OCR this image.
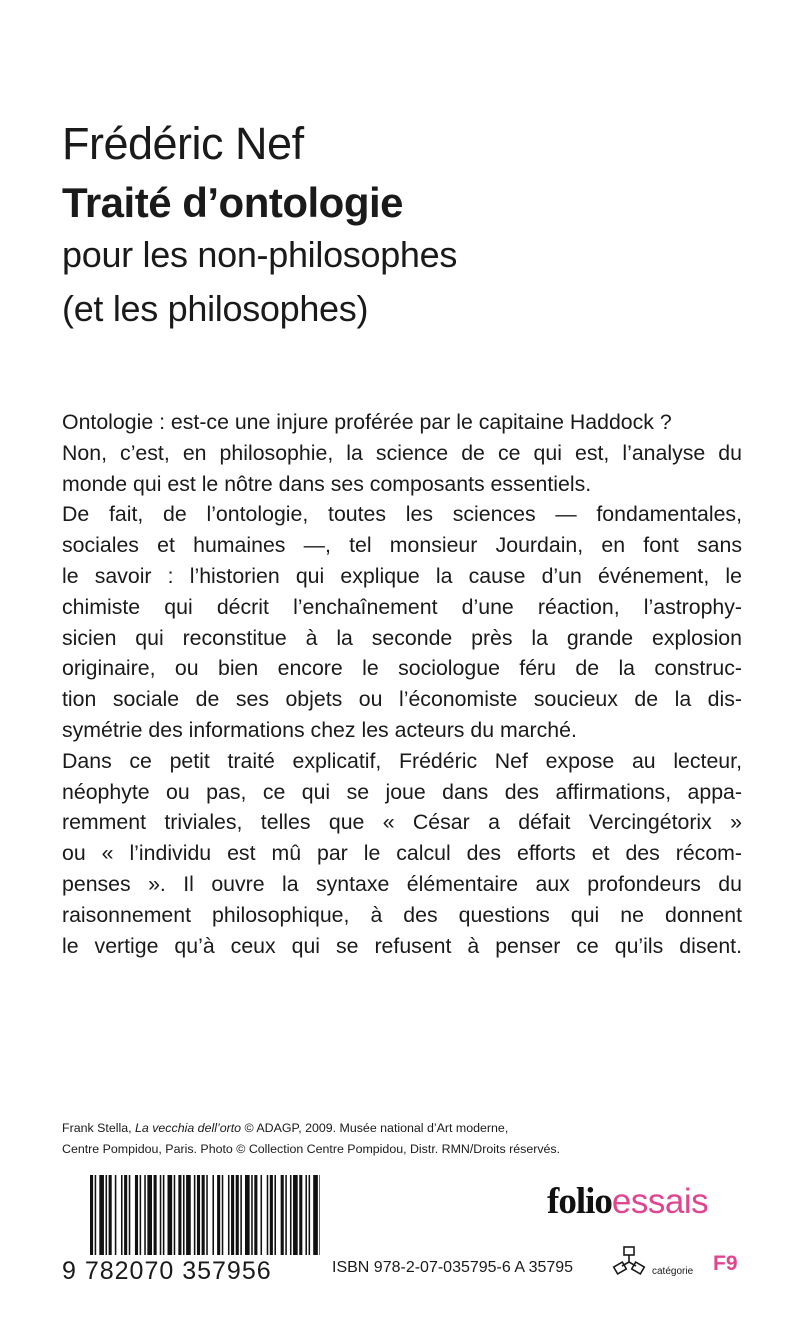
Frédéric Nef
Traité d’ontologie
pour les non-philosophes
(et les philosophes)
Ontologie : est-ce une injure proférée par le capitaine Haddock ?
Non, c’est, en philosophie, la science de ce qui est, l’analyse du
monde qui est le nôtre dans ses composants essentiels.
De fait, de l’ontologie, toutes les sciences — fondamentales,
sociales et humaines —, tel monsieur Jourdain, en font sans
le savoir : l’historien qui explique la cause d’un événement, le
chimiste qui décrit l’enchaînement d’une réaction, l’astrophy-
sicien qui reconstitue à la seconde près la grande explosion
originaire, ou bien encore le sociologue féru de la construc-
tion sociale de ses objets ou l’économiste soucieux de la dis-
symétrie des informations chez les acteurs du marché.
Dans ce petit traité explicatif, Frédéric Nef expose au lecteur,
néophyte ou pas, ce qui se joue dans des affirmations, appa-
remment triviales, telles que « César a défait Vercingétorix »
ou « l’individu est mû par le calcul des efforts et des récom-
penses ». Il ouvre la syntaxe élémentaire aux profondeurs du
raisonnement philosophique, à des questions qui ne donnent
le vertige qu’à ceux qui se refusent à penser ce qu’ils disent.
Frank Stella, La vecchia dell’orto © ADAGP, 2009. Musée national d’Art moderne,
Centre Pompidou, Paris. Photo © Collection Centre Pompidou, Distr. RMN/Droits réservés.
9 782070 357956	ISBN 978-2-07-035795-6 A 35795
folioessais
catégorie F9
